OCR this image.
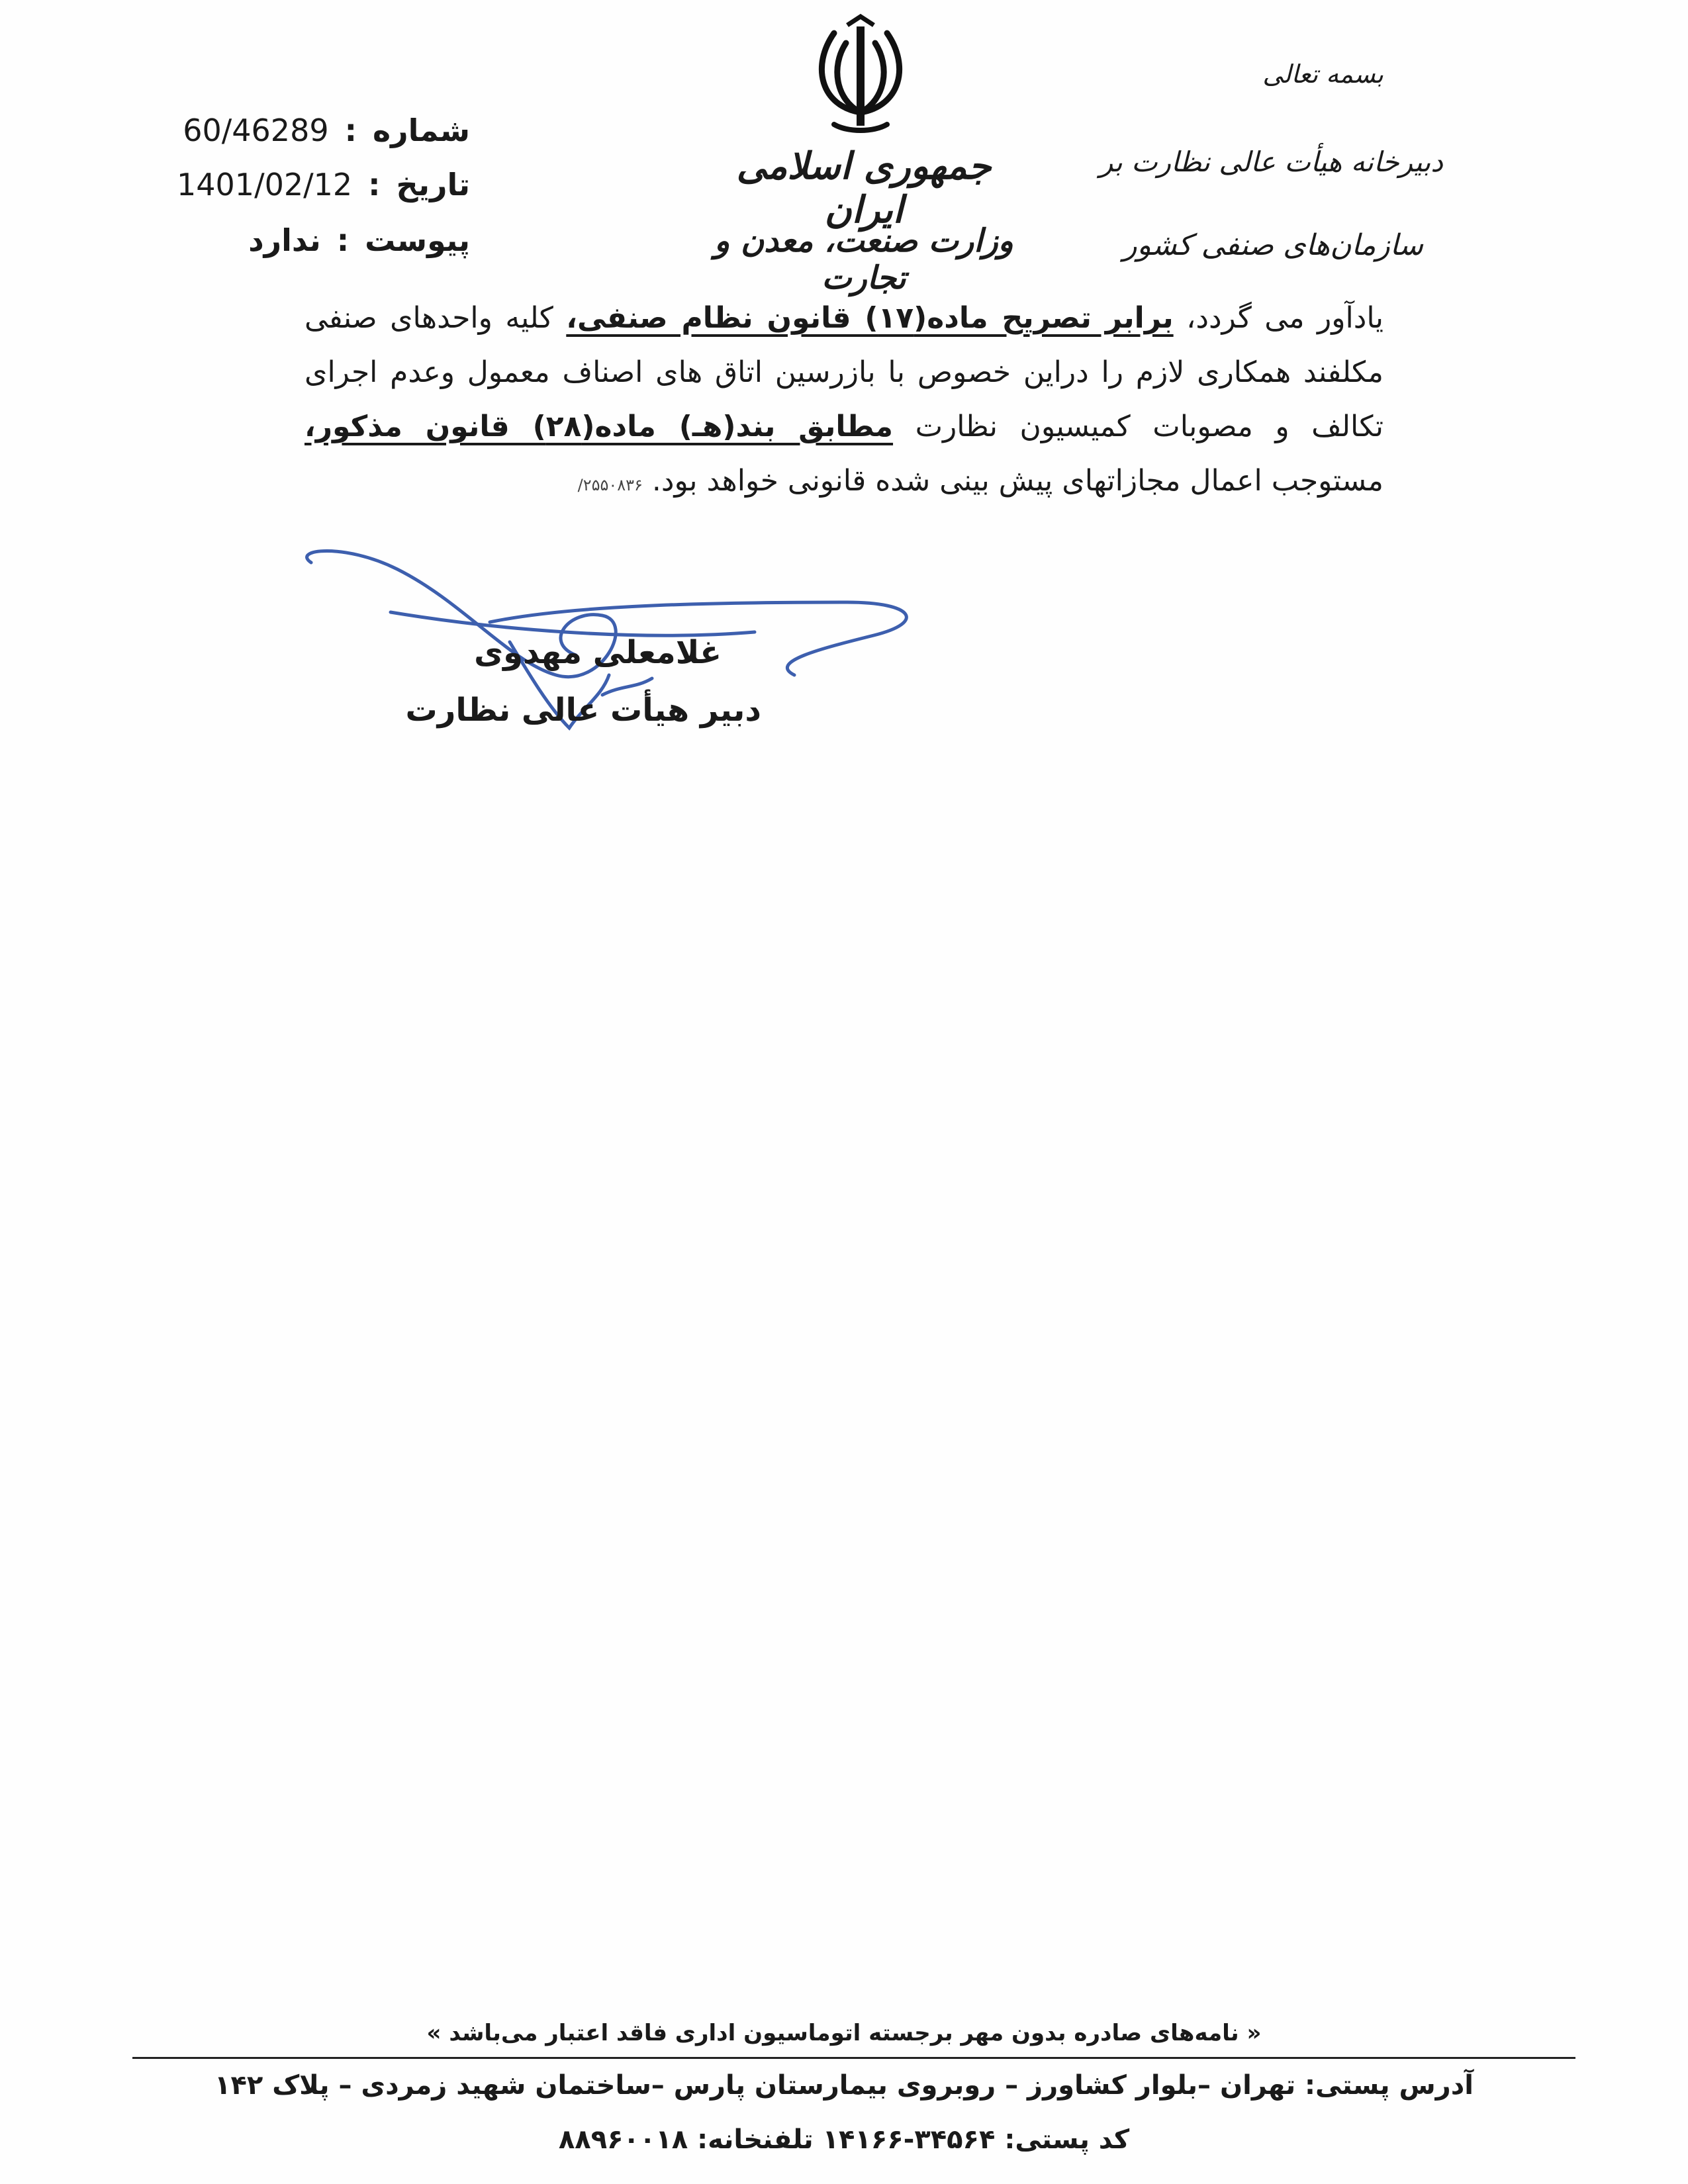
جمهوری اسلامی ایران
وزارت صنعت، معدن و تجارت
بسمه تعالی
دبیرخانه هیأت عالی نظارت بر
سازمان‌های صنفی کشور
شماره
:
60/46289
تاریخ
:
1401/02/12
پیوست
:
ندارد
یادآور می گردد، برابر تصریح ماده(۱۷) قانون نظام صنفی، کلیه واحدهای صنفی مکلفند همکاری لازم را دراین خصوص با بازرسین اتاق های اصناف معمول وعدم اجرای تکالف و مصوبات کمیسیون نظارت مطابق بند(هـ) ماده(۲۸) قانون مذکور، مستوجب اعمال مجازاتهای پیش بینی شده قانونی خواهد بود. ۲۵۵۰۸۳۶/
غلامعلی مهدوی
دبیر هیأت عالی نظارت
« نامه‌های صادره بدون مهر برجسته اتوماسیون اداری فاقد اعتبار می‌باشد »
آدرس پستی: تهران –بلوار کشاورز – روبروی بیمارستان پارس –ساختمان شهید زمردی – پلاک ۱۴۲
کد پستی: ۳۴۵۶۴-۱۴۱۶۶ تلفنخانه: ۸۸۹۶۰۰۱۸
